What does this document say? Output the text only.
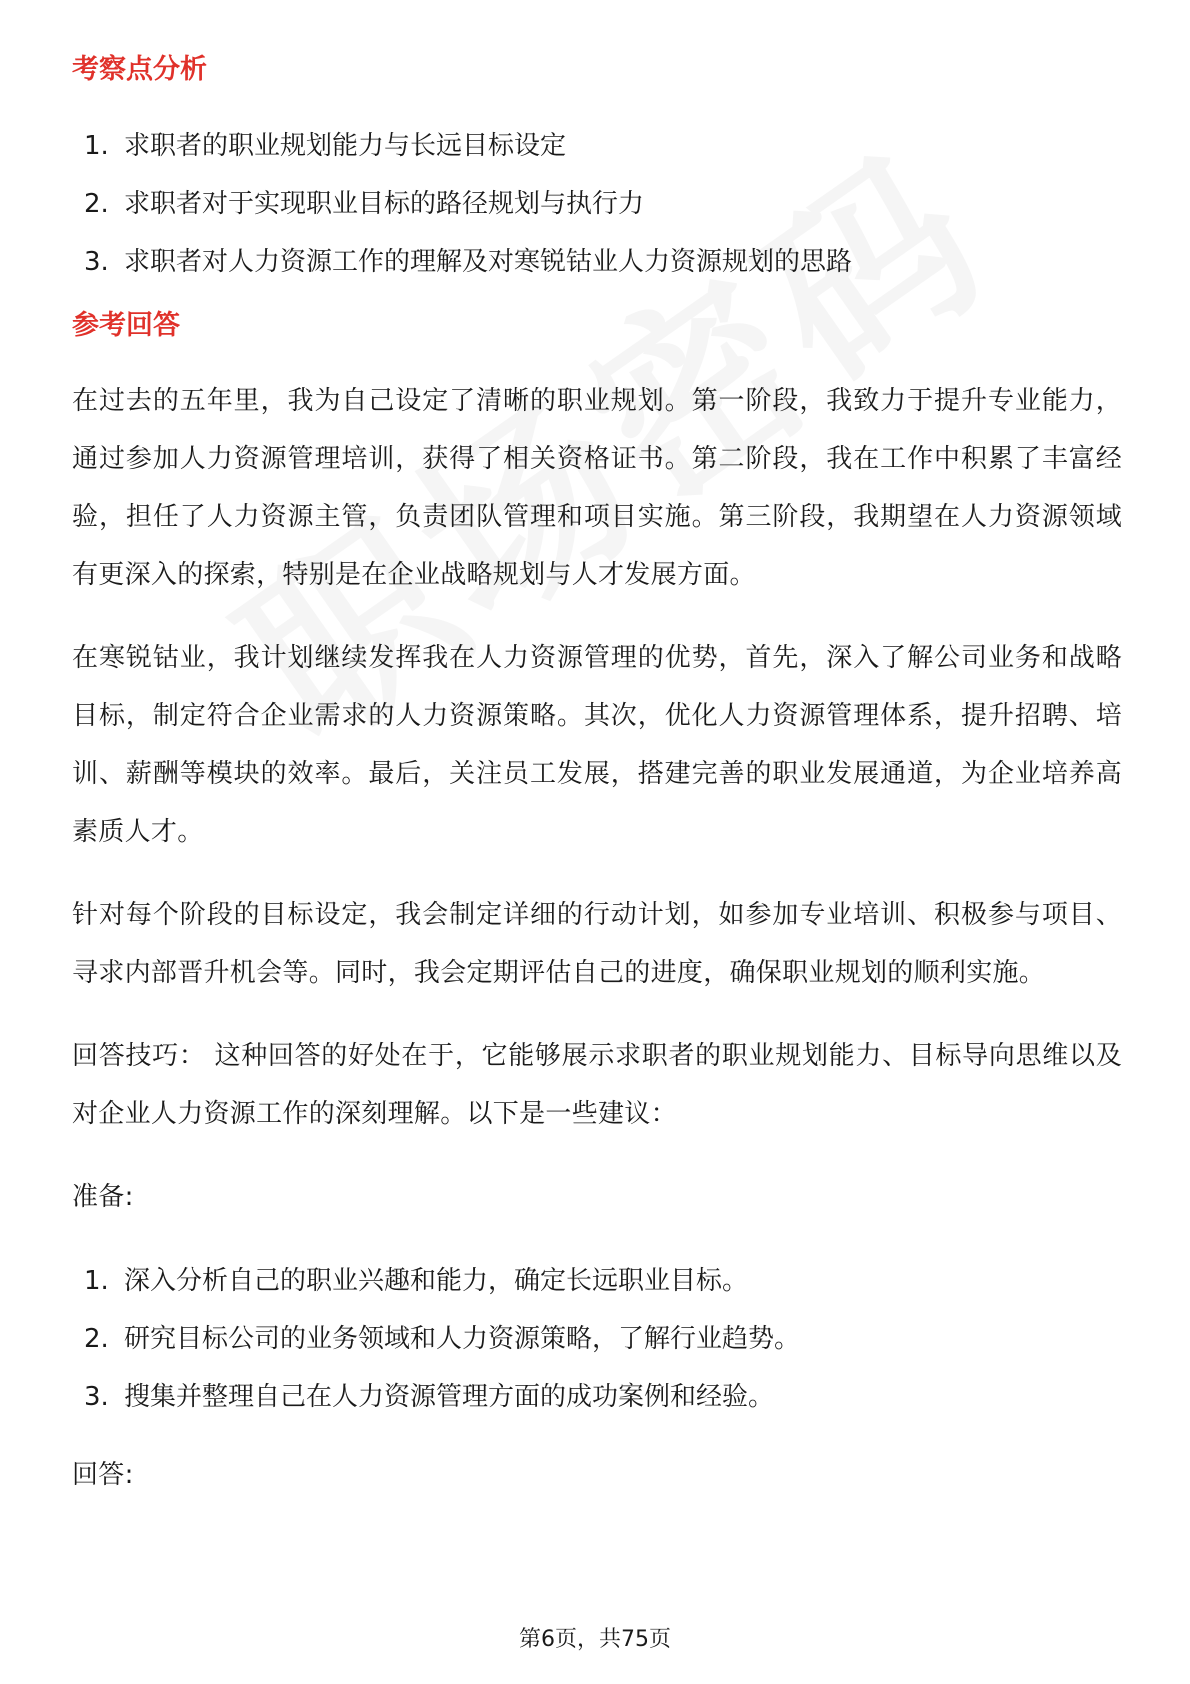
考察点分析
1. 求职者的职业规划能力与长远目标设定
2. 求职者对于实现职业目标的路径规划与执行力
3. 求职者对人力资源工作的理解及对寒锐钴业人力资源规划的思路
参考回答

在过去的五年里，我为自己设定了清晰的职业规划。第一阶段，我致力于提升专业能力，通过参加人力资源管理培训，获得了相关资格证书。第二阶段，我在工作中积累了丰富经验，担任了人力资源主管，负责团队管理和项目实施。第三阶段，我期望在人力资源领域有更深入的探索，特别是在企业战略规划与人才发展方面。

在寒锐钴业，我计划继续发挥我在人力资源管理的优势，首先，深入了解公司业务和战略目标，制定符合企业需求的人力资源策略。其次，优化人力资源管理体系，提升招聘、培训、薪酬等模块的效率。最后，关注员工发展，搭建完善的职业发展通道，为企业培养高素质人才。

针对每个阶段的目标设定，我会制定详细的行动计划，如参加专业培训、积极参与项目、寻求内部晋升机会等。同时，我会定期评估自己的进度，确保职业规划的顺利实施。

回答技巧： 这种回答的好处在于，它能够展示求职者的职业规划能力、目标导向思维以及对企业人力资源工作的深刻理解。以下是一些建议：

准备:

1. 深入分析自己的职业兴趣和能力，确定长远职业目标。
2. 研究目标公司的业务领域和人力资源策略，了解行业趋势。
3. 搜集并整理自己在人力资源管理方面的成功案例和经验。

回答:

第6页，共75页
